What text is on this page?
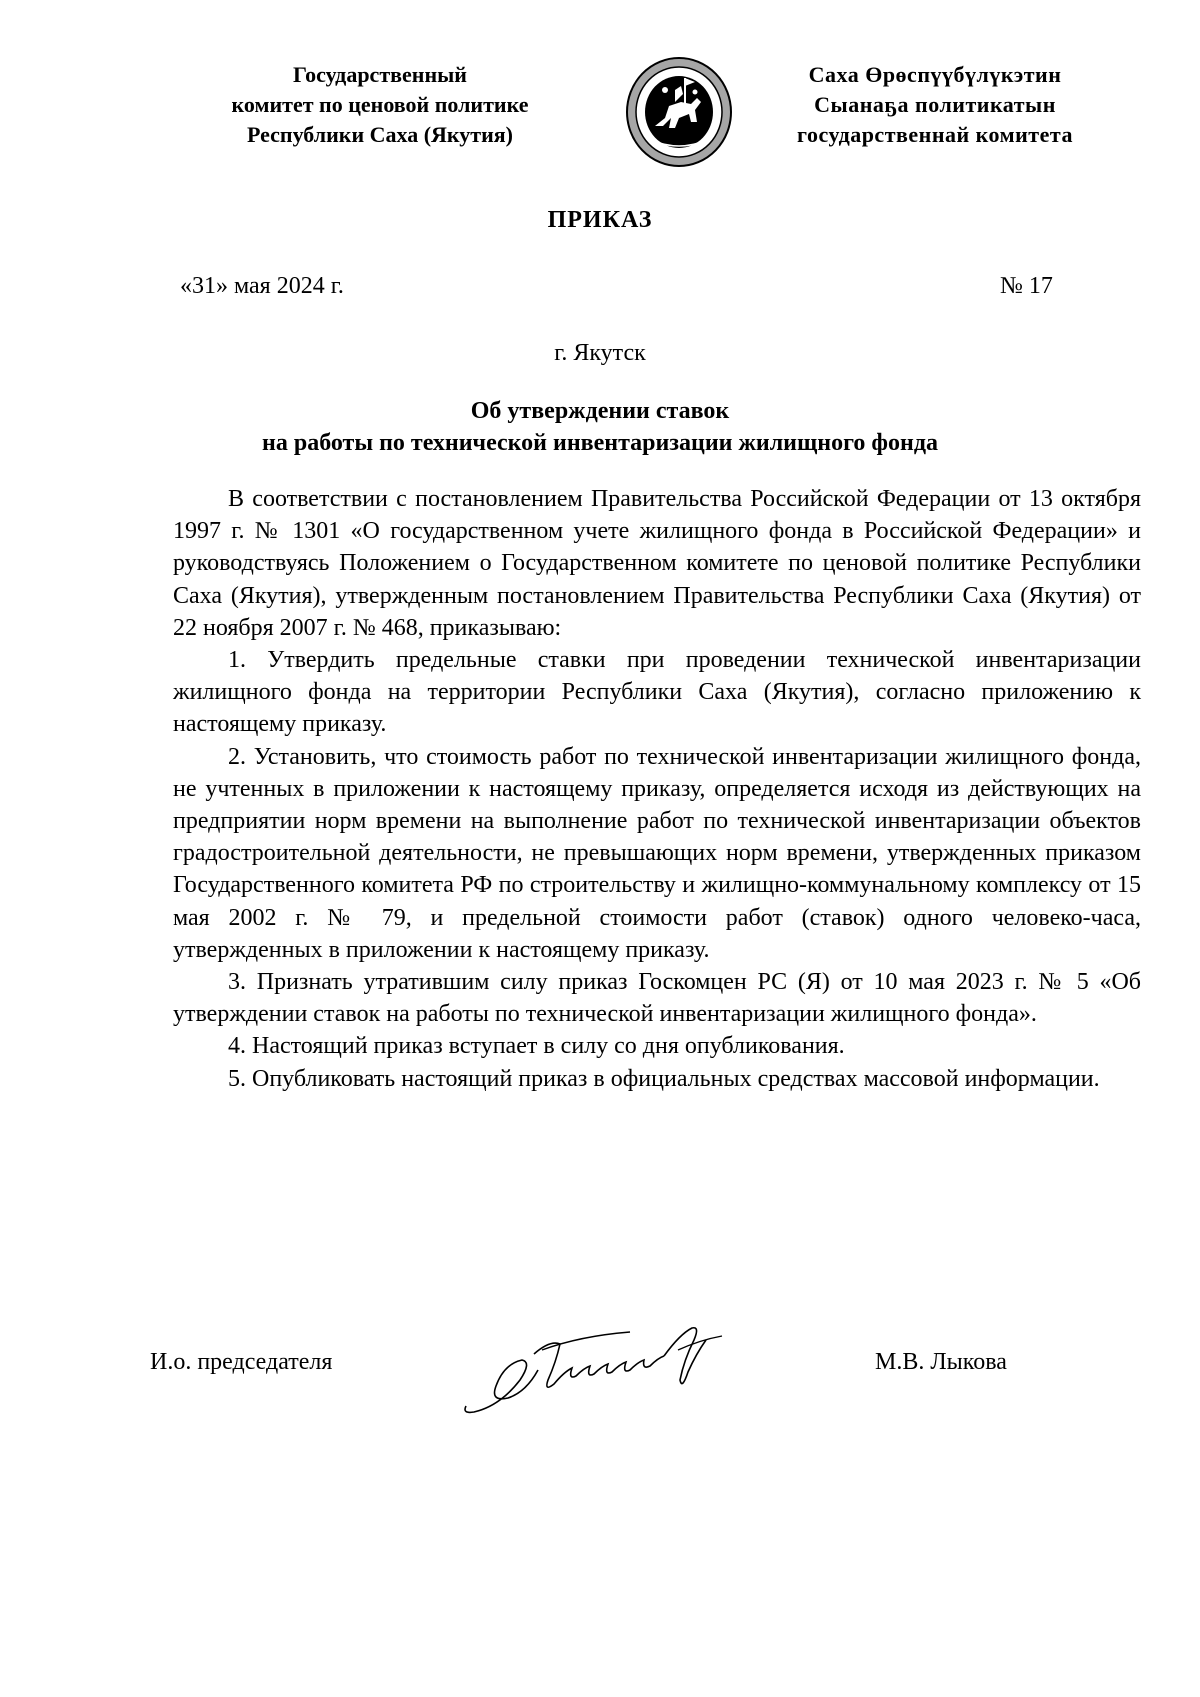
Государственный
комитет по ценовой политике
Республики Саха (Якутия)
Саха Өрөспүүбүлүкэтин
Сыанаҕа политикатын
государственнай комитета
ПРИКАЗ
«31» мая 2024 г.	№ 17
г. Якутск
Об утверждении ставок
на работы по технической инвентаризации жилищного фонда

В соответствии с постановлением Правительства Российской Федерации от 13 октября 1997 г. № 1301 «О государственном учете жилищного фонда в Российской Федерации» и руководствуясь Положением о Государственном комитете по ценовой политике Республики Саха (Якутия), утвержденным постановлением Правительства Республики Саха (Якутия) от 22 ноября 2007 г. № 468, приказываю:

1. Утвердить предельные ставки при проведении технической инвентаризации жилищного фонда на территории Республики Саха (Якутия), согласно приложению к настоящему приказу.

2. Установить, что стоимость работ по технической инвентаризации жилищного фонда, не учтенных в приложении к настоящему приказу, определяется исходя из действующих на предприятии норм времени на выполнение работ по технической инвентаризации объектов градостроительной деятельности, не превышающих норм времени, утвержденных приказом Государственного комитета РФ по строительству и жилищно-коммунальному комплексу от 15 мая 2002 г. № 79, и предельной стоимости работ (ставок) одного человеко-часа, утвержденных в приложении к настоящему приказу.

3. Признать утратившим силу приказ Госкомцен РС (Я) от 10 мая 2023 г. № 5 «Об утверждении ставок на работы по технической инвентаризации жилищного фонда».

4. Настоящий приказ вступает в силу со дня опубликования.

5. Опубликовать настоящий приказ в официальных средствах массовой информации.

И.о. председателя	М.В. Лыкова
